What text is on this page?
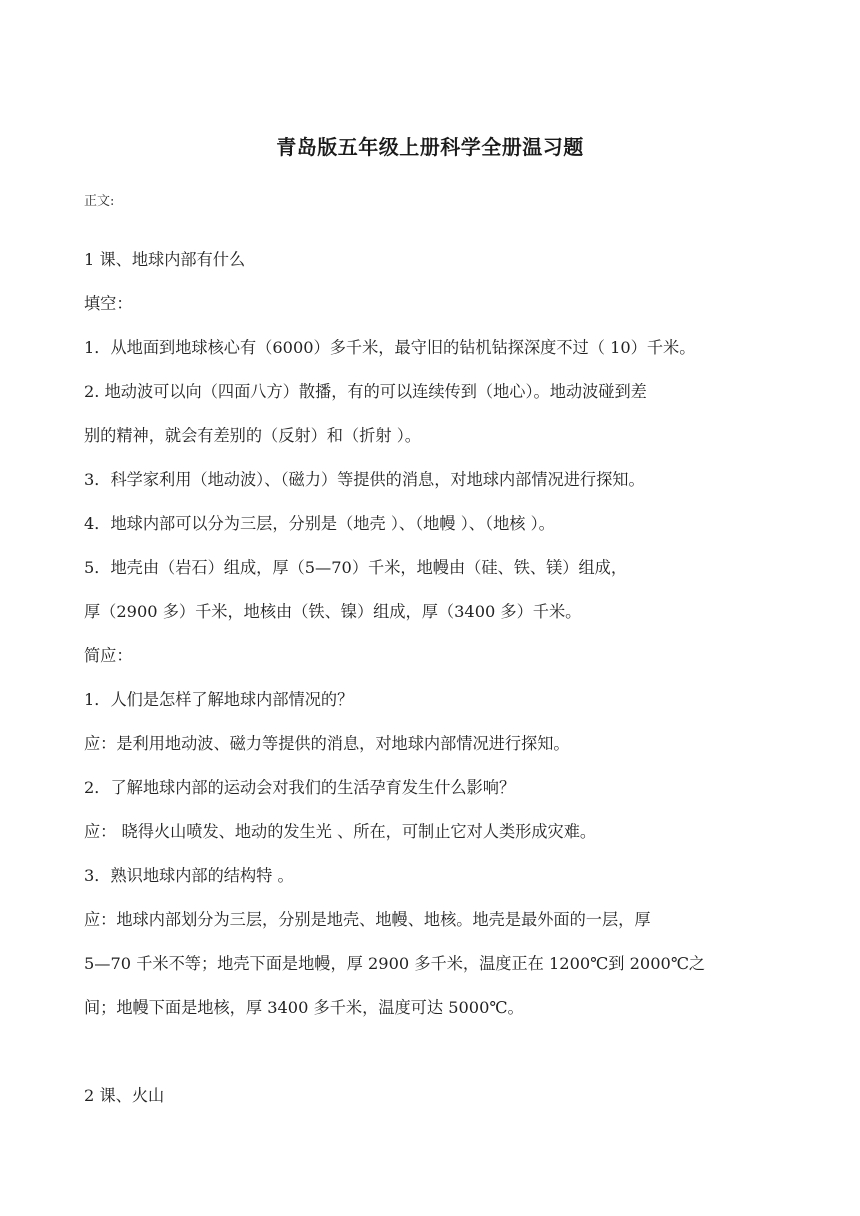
青岛版五年级上册科学全册温习题

正文:

1 课、地球内部有什么

填空：

1．从地面到地球核心有（6000）多千米，最守旧的钻机钻探深度不过（ 10）千米。

2. 地动波可以向（四面八方）散播，有的可以连续传到（地心）。地动波碰到差

别的精神，就会有差别的（反射）和（折射 ）。

3．科学家利用（地动波）、（磁力）等提供的消息，对地球内部情况进行探知。

4．地球内部可以分为三层，分别是（地壳 ）、（地幔 ）、（地核 ）。

5．地壳由（岩石）组成，厚（5—70）千米，地幔由（硅、铁、镁）组成，

厚（2900 多）千米，地核由（铁、镍）组成，厚（3400 多）千米。

简应：

1．人们是怎样了解地球内部情况的？

应：是利用地动波、磁力等提供的消息，对地球内部情况进行探知。

2．了解地球内部的运动会对我们的生活孕育发生什么影响？

应： 晓得火山喷发、地动的发生光 、所在，可制止它对人类形成灾难。

3．熟识地球内部的结构特 。

应：地球内部划分为三层，分别是地壳、地幔、地核。地壳是最外面的一层，厚

5—70 千米不等；地壳下面是地幔，厚 2900 多千米，温度正在 1200℃到 2000℃之

间；地幔下面是地核，厚 3400 多千米，温度可达 5000℃。

2 课、火山
